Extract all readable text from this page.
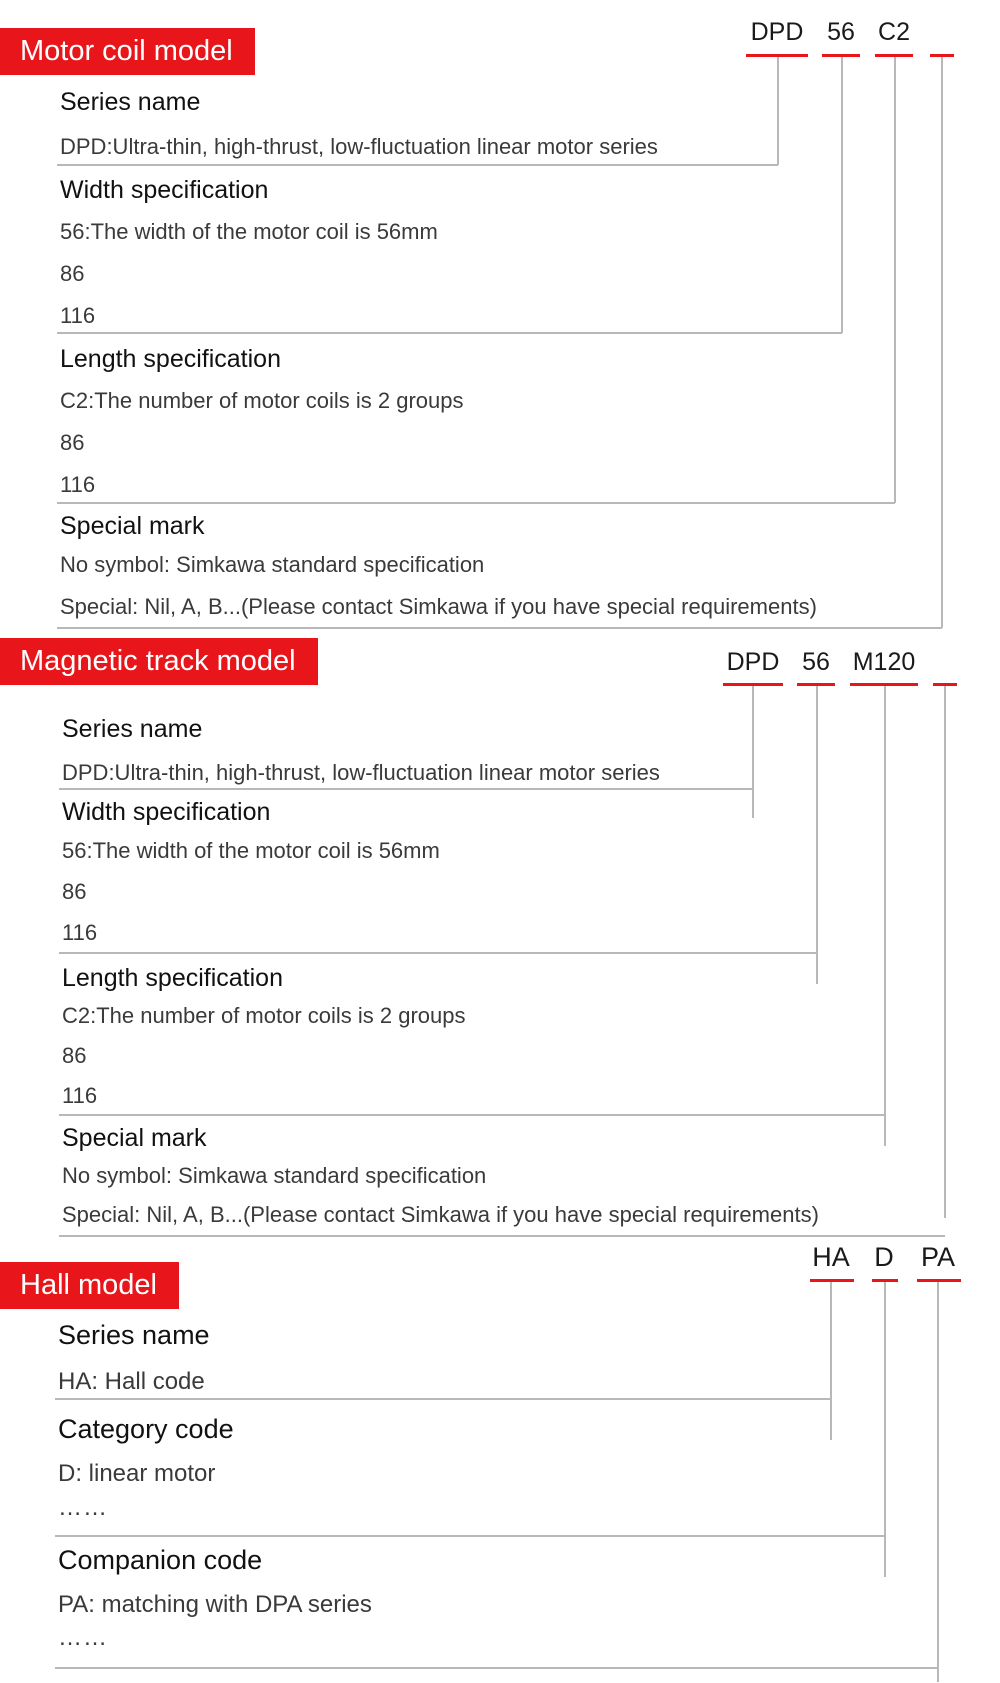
Motor coil model
DPD 56 C2
Series name
DPD:Ultra-thin, high-thrust, low-fluctuation linear motor series
Width specification
56:The width of the motor coil is 56mm
86
116
Length specification
C2:The number of motor coils is 2 groups
86
116
Special mark
No symbol: Simkawa standard specification
Special: Nil, A, B...(Please contact Simkawa if you have special requirements)
Magnetic track model	DPD 56 M120
Series name
DPD:Ultra-thin, high-thrust, low-fluctuation linear motor series
Width specification
56:The width of the motor coil is 56mm
86
116
Length specification
C2:The number of motor coils is 2 groups
86
116
Special mark
No symbol: Simkawa standard specification
Special: Nil, A, B...(Please contact Simkawa if you have special requirements)
Hall model
HA D PA
Series name
HA: Hall code
Category code
D: linear motor
……
Companion code
PA: matching with DPA series
……
